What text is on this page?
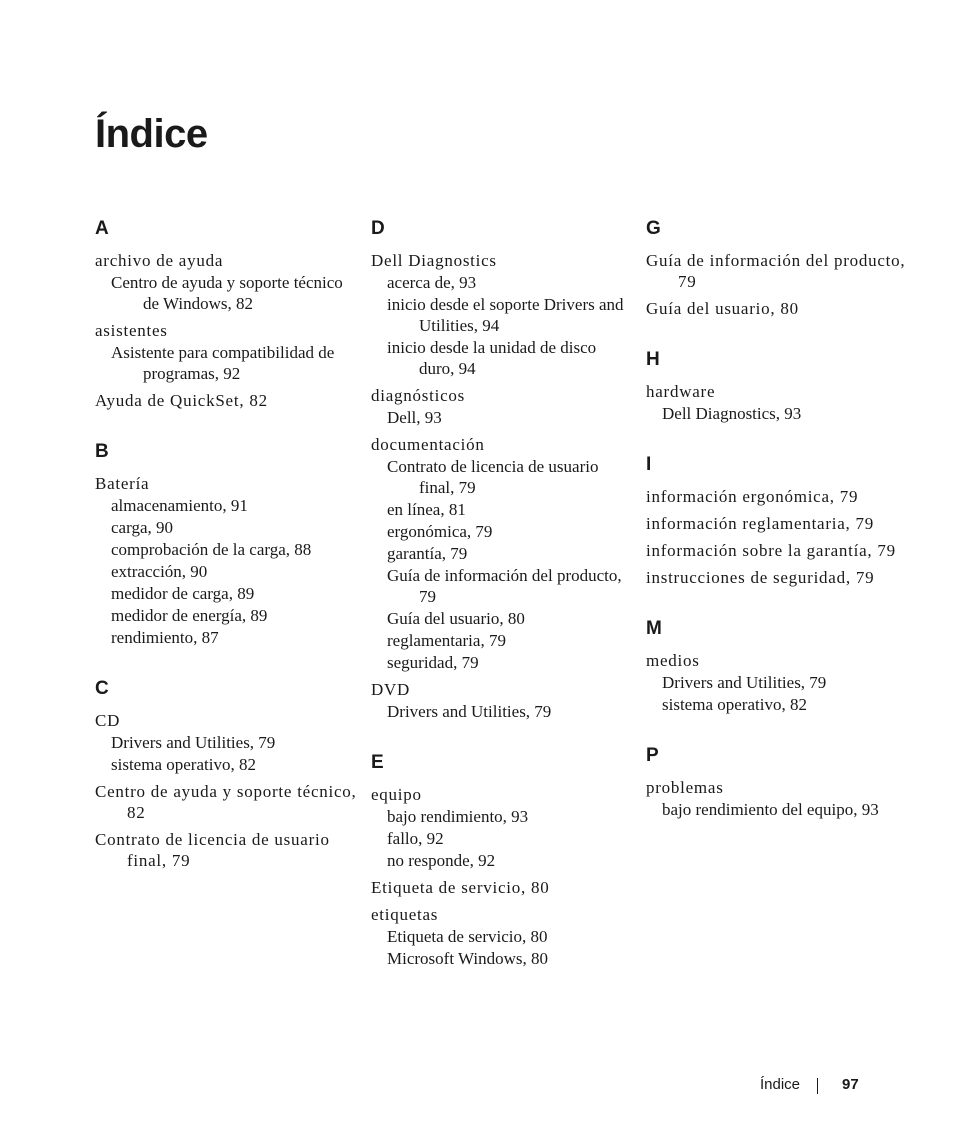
Índice
A
archivo de ayuda
Centro de ayuda y soporte técnico de Windows, 82
asistentes
Asistente para compatibilidad de programas, 92
Ayuda de QuickSet, 82
B
Batería
almacenamiento, 91
carga, 90
comprobación de la carga, 88
extracción, 90
medidor de carga, 89
medidor de energía, 89
rendimiento, 87
C
CD
Drivers and Utilities, 79
sistema operativo, 82
Centro de ayuda y soporte técnico, 82
Contrato de licencia de usuario final, 79
D
Dell Diagnostics
acerca de, 93
inicio desde el soporte Drivers and Utilities, 94
inicio desde la unidad de disco duro, 94
diagnósticos
Dell, 93
documentación
Contrato de licencia de usuario final, 79
en línea, 81
ergonómica, 79
garantía, 79
Guía de información del producto, 79
Guía del usuario, 80
reglamentaria, 79
seguridad, 79
DVD
Drivers and Utilities, 79
E
equipo
bajo rendimiento, 93
fallo, 92
no responde, 92
Etiqueta de servicio, 80
etiquetas
Etiqueta de servicio, 80
Microsoft Windows, 80
G
Guía de información del producto, 79
Guía del usuario, 80
H
hardware
Dell Diagnostics, 93
I
información ergonómica, 79
información reglamentaria, 79
información sobre la garantía, 79
instrucciones de seguridad, 79
M
medios
Drivers and Utilities, 79
sistema operativo, 82
P
problemas
bajo rendimiento del equipo, 93
Índice	97
